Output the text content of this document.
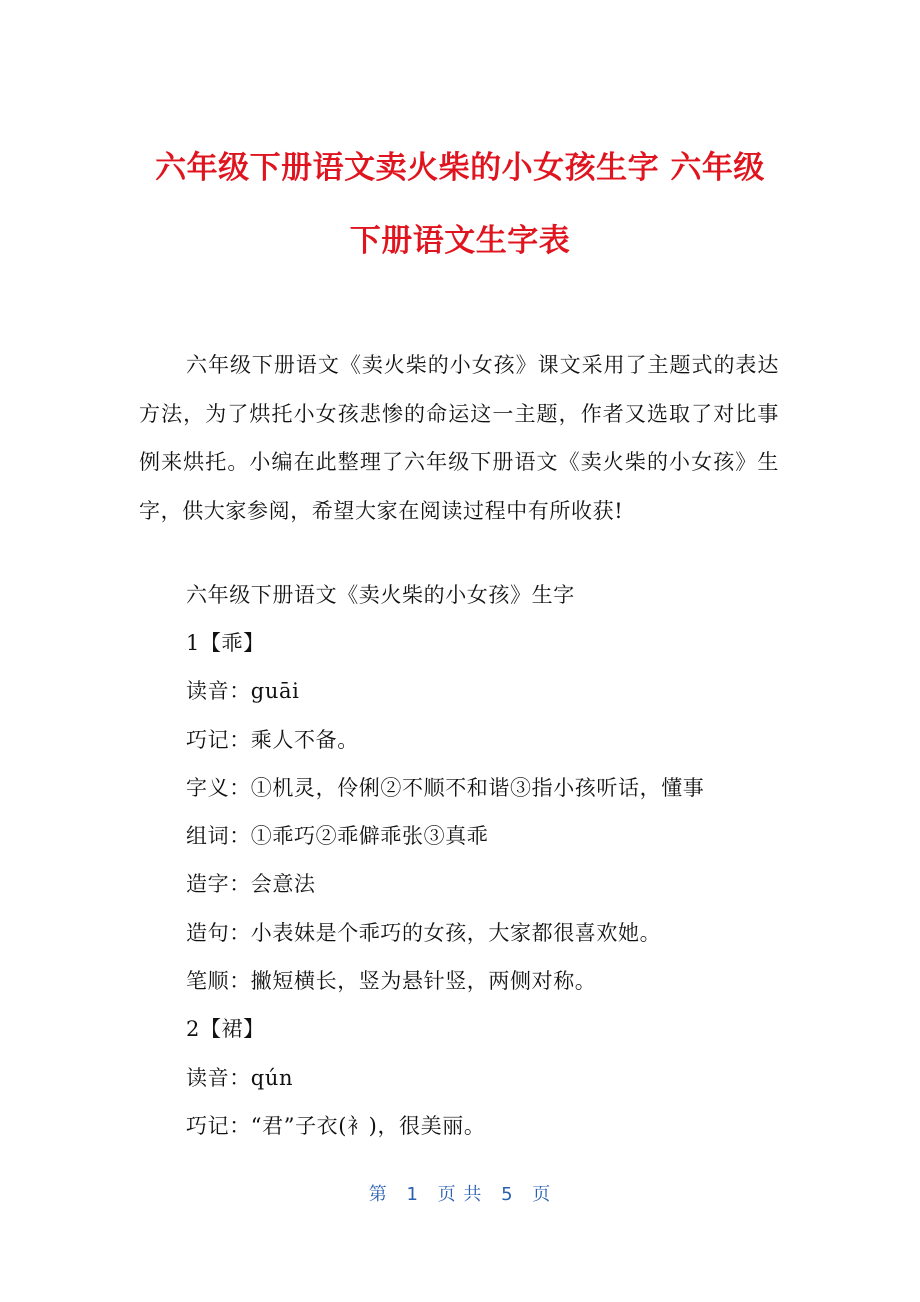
六年级下册语文卖火柴的小女孩生字 六年级
下册语文生字表

六年级下册语文《卖火柴的小女孩》课文采用了主题式的表达方法，为了烘托小女孩悲惨的命运这一主题，作者又选取了对比事例来烘托。小编在此整理了六年级下册语文《卖火柴的小女孩》生字，供大家参阅，希望大家在阅读过程中有所收获!

六年级下册语文《卖火柴的小女孩》生字
1【乖】
读音：guāi
巧记：乘人不备。
字义：①机灵，伶俐②不顺不和谐③指小孩听话，懂事
组词：①乖巧②乖僻乖张③真乖
造字：会意法
造句：小表妹是个乖巧的女孩，大家都很喜欢她。
笔顺：撇短横长，竖为悬针竖，两侧对称。
2【裙】
读音：qún
巧记：“君”子衣(衤)，很美丽。
第 1 页 共 5 页
